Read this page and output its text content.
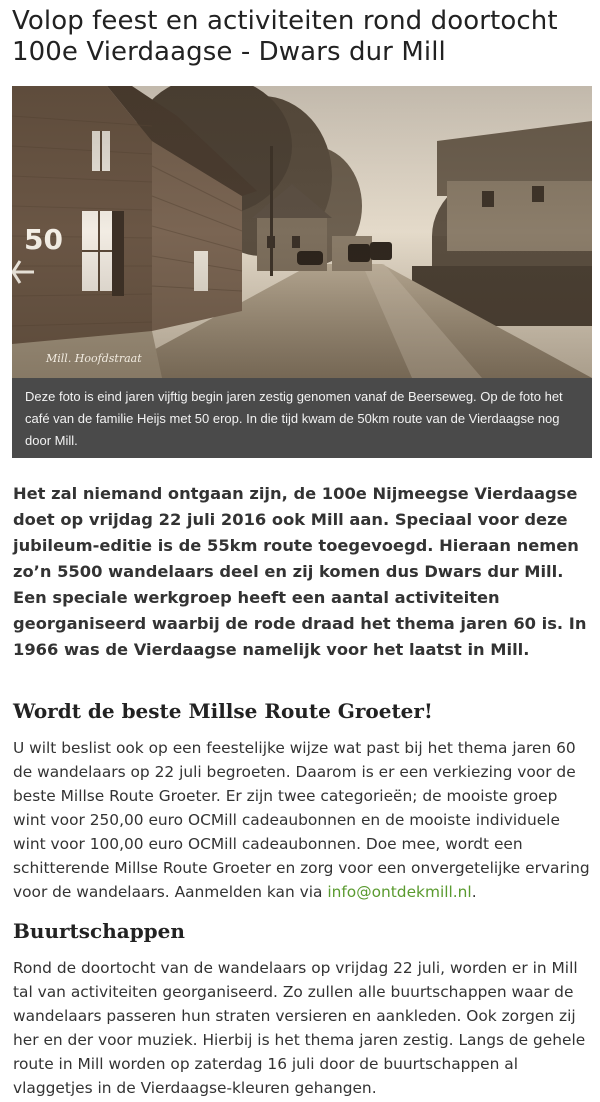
Volop feest en activiteiten rond doortocht 100e Vierdaagse - Dwars dur Mill
Mill. Hoofdstraat
Deze foto is eind jaren vijftig begin jaren zestig genomen vanaf de Beerseweg. Op de foto het café van de familie Heijs met 50 erop. In die tijd kwam de 50km route van de Vierdaagse nog door Mill.

Het zal niemand ontgaan zijn, de 100e Nijmeegse Vierdaagse doet op vrijdag 22 juli 2016 ook Mill aan. Speciaal voor deze jubileum-editie is de 55km route toegevoegd. Hieraan nemen zo’n 5500 wandelaars deel en zij komen dus Dwars dur Mill. Een speciale werkgroep heeft een aantal activiteiten georganiseerd waarbij de rode draad het thema jaren 60 is. In 1966 was de Vierdaagse namelijk voor het laatst in Mill.

Wordt de beste Millse Route Groeter!

U wilt beslist ook op een feestelijke wijze wat past bij het thema jaren 60 de wandelaars op 22 juli begroeten. Daarom is er een verkiezing voor de beste Millse Route Groeter. Er zijn twee categorieën; de mooiste groep wint voor 250,00 euro OCMill cadeaubonnen en de mooiste individuele wint voor 100,00 euro OCMill cadeaubonnen. Doe mee, wordt een schitterende Millse Route Groeter en zorg voor een onvergetelijke ervaring voor de wandelaars. Aanmelden kan via info@ontdekmill.nl.

Buurtschappen

Rond de doortocht van de wandelaars op vrijdag 22 juli, worden er in Mill tal van activiteiten georganiseerd. Zo zullen alle buurtschappen waar de wandelaars passeren hun straten versieren en aankleden. Ook zorgen zij her en der voor muziek. Hierbij is het thema jaren zestig. Langs de gehele route in Mill worden op zaterdag 16 juli door de buurtschappen al vlaggetjes in de Vierdaagse-kleuren gehangen.
